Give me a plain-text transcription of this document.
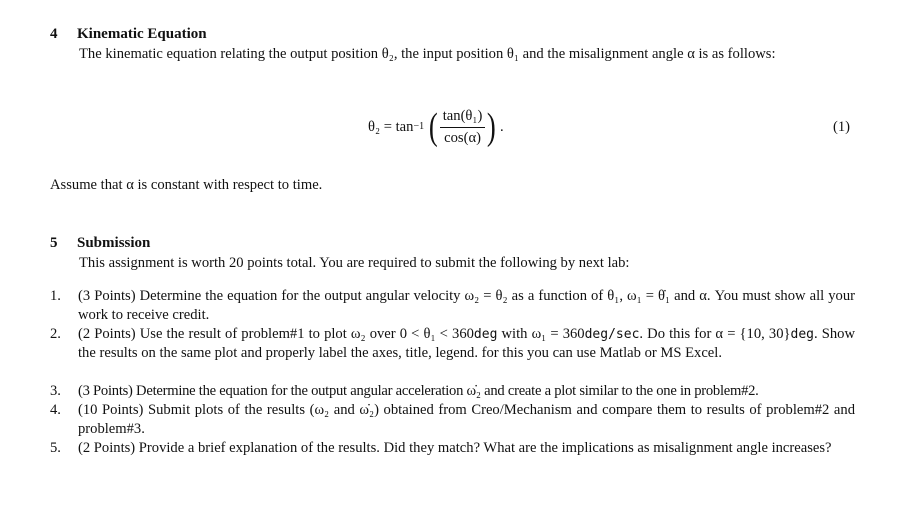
4 Kinematic Equation
The kinematic equation relating the output position θ₂, the input position θ₁ and the misalignment angle α is as follows:
θ₂ = tan −1 ( $\frac{\text{tan(θ₁)}}{\cos(\alpha)}$ ) .	(1)
Assume that α is constant with respect to time.
5 Submission
This assignment is worth 20 points total. You are required to submit the following by next lab:
1. (3 Points) Determine the equation for the output angular velocity ω₂ = θ₂ as a function of θ₁, ω₁ = θ̇₁ and α. You must show all your work to receive credit.
2. (2 Points) Use the result of problem#1 to plot ω₂ over 0 < θ₁ < 360deg with ω₁ = 360deg/sec. Do this for α = {10, 30}deg. Show the results on the same plot and properly label the axes, title, legend. for this you can use Matlab or MS Excel.
3. (3 Points) Determine the equation for the output angular acceleration ω̇₂ and create a plot similar to the one in problem#2.
4. (10 Points) Submit plots of the results (ω₂ and ω̇₂) obtained from Creo/Mechanism and compare them to results of problem#2 and problem#3.
5. (2 Points) Provide a brief explanation of the results. Did they match? What are the implications as misalignment angle increases?
